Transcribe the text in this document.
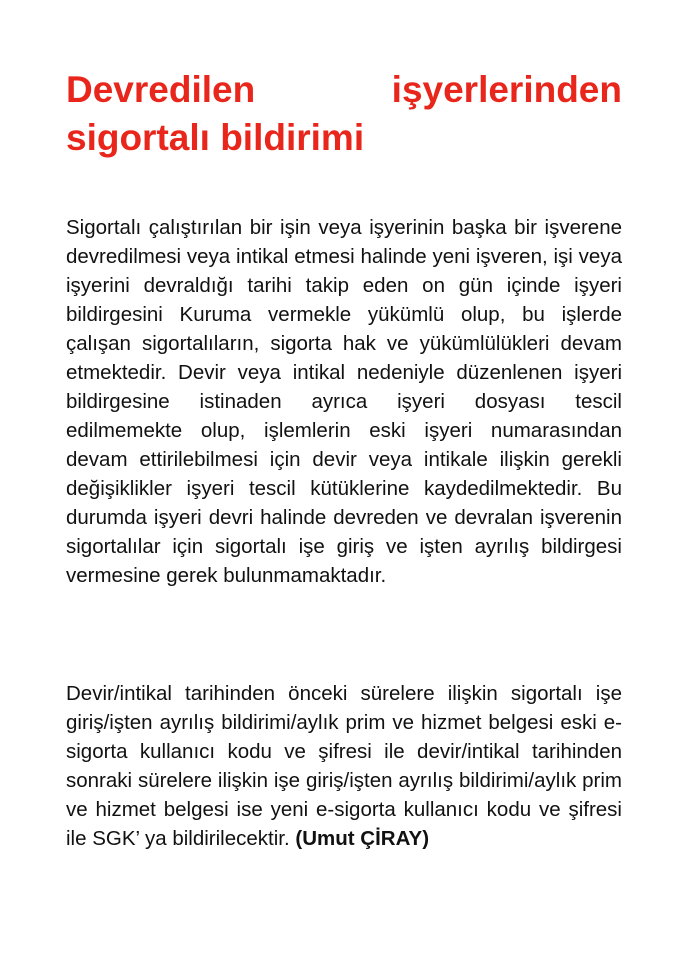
Devredilen işyerlerinden sigortalı bildirimi

Sigortalı çalıştırılan bir işin veya işyerinin başka bir işverene devredilmesi veya intikal etmesi halinde yeni işveren, işi veya işyerini devraldığı tarihi takip eden on gün içinde işyeri bildirgesini Kuruma vermekle yükümlü olup, bu işlerde çalışan sigortalıların, sigorta hak ve yükümlülükleri devam etmektedir. Devir veya intikal nedeniyle düzenlenen işyeri bildirgesine istinaden ayrıca işyeri dosyası tescil edilmemekte olup, işlemlerin eski işyeri numarasından devam ettirilebilmesi için devir veya intikale ilişkin gerekli değişiklikler işyeri tescil kütüklerine kaydedilmektedir. Bu durumda işyeri devri halinde devreden ve devralan işverenin sigortalılar için sigortalı işe giriş ve işten ayrılış bildirgesi vermesine gerek bulunmamaktadır.

Devir/intikal tarihinden önceki sürelere ilişkin sigortalı işe giriş/işten ayrılış bildirimi/aylık prim ve hizmet belgesi eski e-sigorta kullanıcı kodu ve şifresi ile devir/intikal tarihinden sonraki sürelere ilişkin işe giriş/işten ayrılış bildirimi/aylık prim ve hizmet belgesi ise yeni e-sigorta kullanıcı kodu ve şifresi ile SGK’ ya bildirilecektir. (Umut ÇİRAY)
